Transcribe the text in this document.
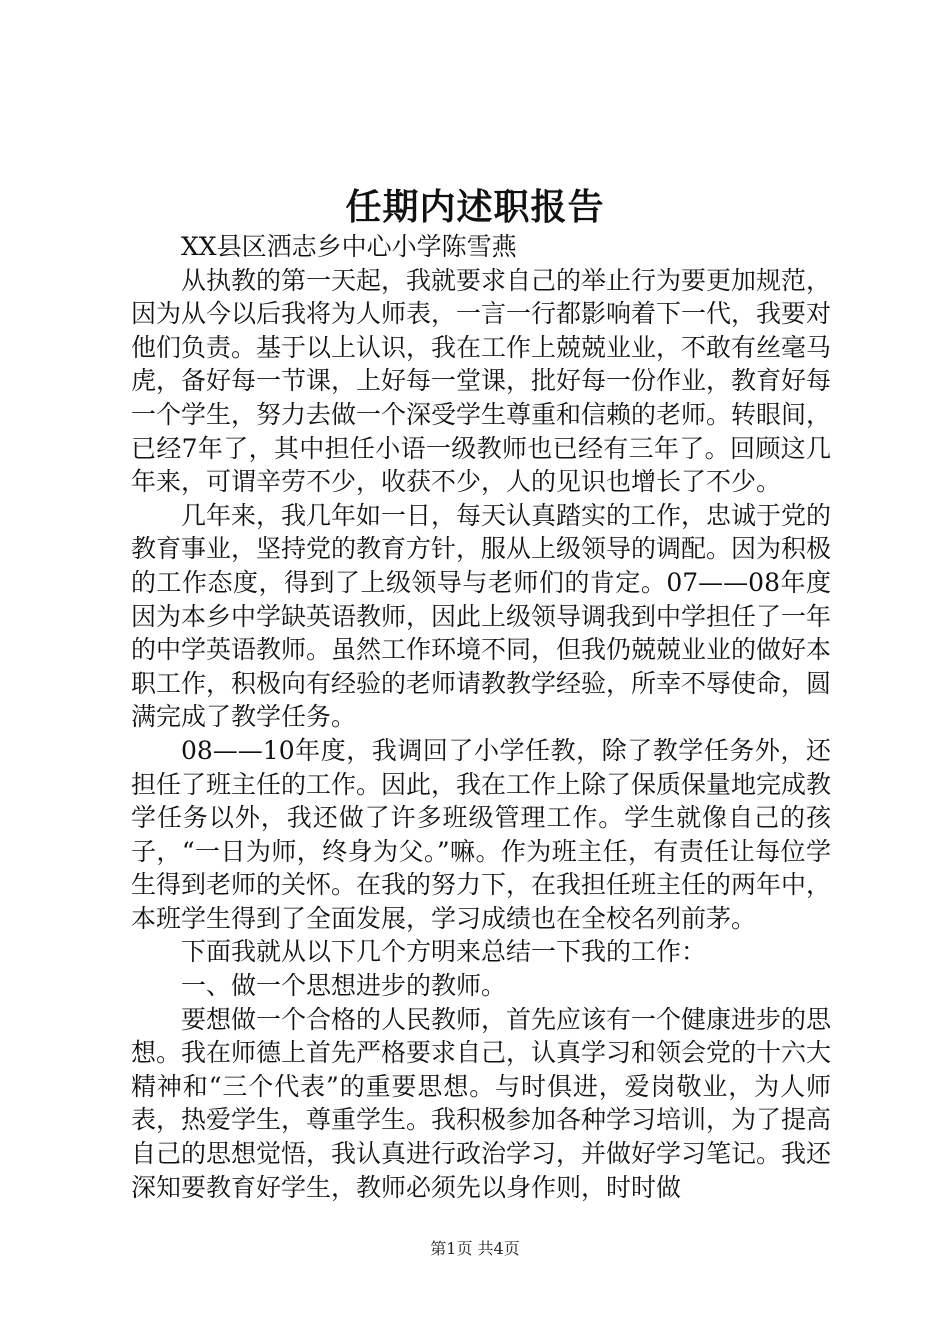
任期内述职报告

XX县区洒志乡中心小学陈雪燕

从执教的第一天起，我就要求自己的举止行为要更加规范，因为从今以后我将为人师表，一言一行都影响着下一代，我要对他们负责。基于以上认识，我在工作上兢兢业业，不敢有丝毫马虎，备好每一节课，上好每一堂课，批好每一份作业，教育好每一个学生，努力去做一个深受学生尊重和信赖的老师。转眼间，已经7年了，其中担任小语一级教师也已经有三年了。回顾这几年来，可谓辛劳不少，收获不少，人的见识也增长了不少。

几年来，我几年如一日，每天认真踏实的工作，忠诚于党的教育事业，坚持党的教育方针，服从上级领导的调配。因为积极的工作态度，得到了上级领导与老师们的肯定。07——08年度因为本乡中学缺英语教师，因此上级领导调我到中学担任了一年的中学英语教师。虽然工作环境不同，但我仍兢兢业业的做好本职工作，积极向有经验的老师请教教学经验，所幸不辱使命，圆满完成了教学任务。

08——10年度，我调回了小学任教，除了教学任务外，还担任了班主任的工作。因此，我在工作上除了保质保量地完成教学任务以外，我还做了许多班级管理工作。学生就像自己的孩子，“一日为师，终身为父。”嘛。作为班主任，有责任让每位学生得到老师的关怀。在我的努力下，在我担任班主任的两年中，本班学生得到了全面发展，学习成绩也在全校名列前茅。

下面我就从以下几个方明来总结一下我的工作：

一、做一个思想进步的教师。

要想做一个合格的人民教师，首先应该有一个健康进步的思想。我在师德上首先严格要求自己，认真学习和领会党的十六大精神和“三个代表”的重要思想。与时俱进，爱岗敬业，为人师表，热爱学生，尊重学生。我积极参加各种学习培训，为了提高自己的思想觉悟，我认真进行政治学习，并做好学习笔记。我还深知要教育好学生，教师必须先以身作则，时时做

第1页 共4页
